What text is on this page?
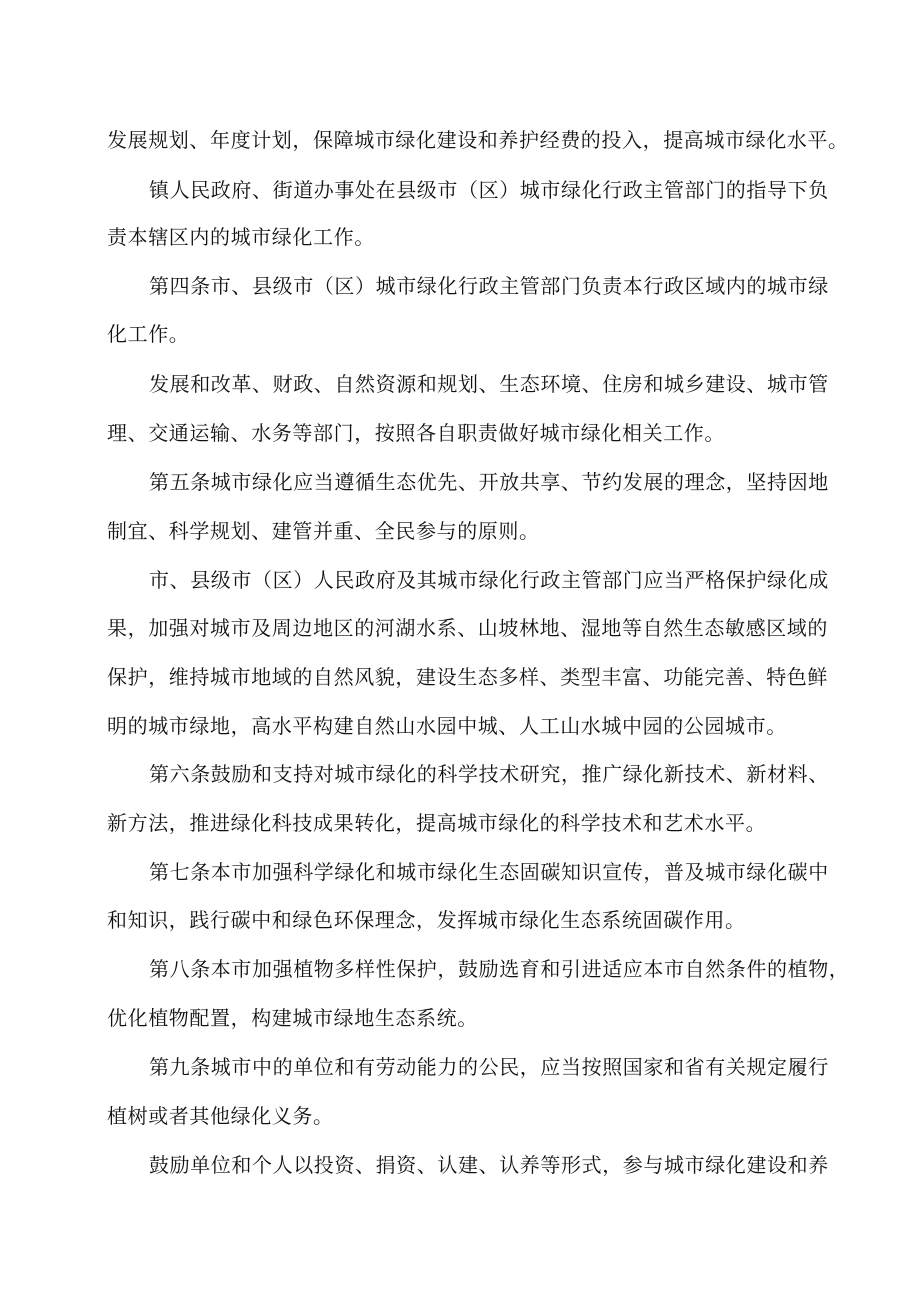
发展规划、年度计划，保障城市绿化建设和养护经费的投入，提高城市绿化水平。
镇人民政府、街道办事处在县级市（区）城市绿化行政主管部门的指导下负
责本辖区内的城市绿化工作。
第四条市、县级市（区）城市绿化行政主管部门负责本行政区域内的城市绿
化工作。
发展和改革、财政、自然资源和规划、生态环境、住房和城乡建设、城市管
理、交通运输、水务等部门，按照各自职责做好城市绿化相关工作。
第五条城市绿化应当遵循生态优先、开放共享、节约发展的理念，坚持因地
制宜、科学规划、建管并重、全民参与的原则。
市、县级市（区）人民政府及其城市绿化行政主管部门应当严格保护绿化成
果，加强对城市及周边地区的河湖水系、山坡林地、湿地等自然生态敏感区域的
保护，维持城市地域的自然风貌，建设生态多样、类型丰富、功能完善、特色鲜
明的城市绿地，高水平构建自然山水园中城、人工山水城中园的公园城市。
第六条鼓励和支持对城市绿化的科学技术研究，推广绿化新技术、新材料、
新方法，推进绿化科技成果转化，提高城市绿化的科学技术和艺术水平。
第七条本市加强科学绿化和城市绿化生态固碳知识宣传，普及城市绿化碳中
和知识，践行碳中和绿色环保理念，发挥城市绿化生态系统固碳作用。
第八条本市加强植物多样性保护，鼓励选育和引进适应本市自然条件的植物，
优化植物配置，构建城市绿地生态系统。
第九条城市中的单位和有劳动能力的公民，应当按照国家和省有关规定履行
植树或者其他绿化义务。
鼓励单位和个人以投资、捐资、认建、认养等形式，参与城市绿化建设和养
